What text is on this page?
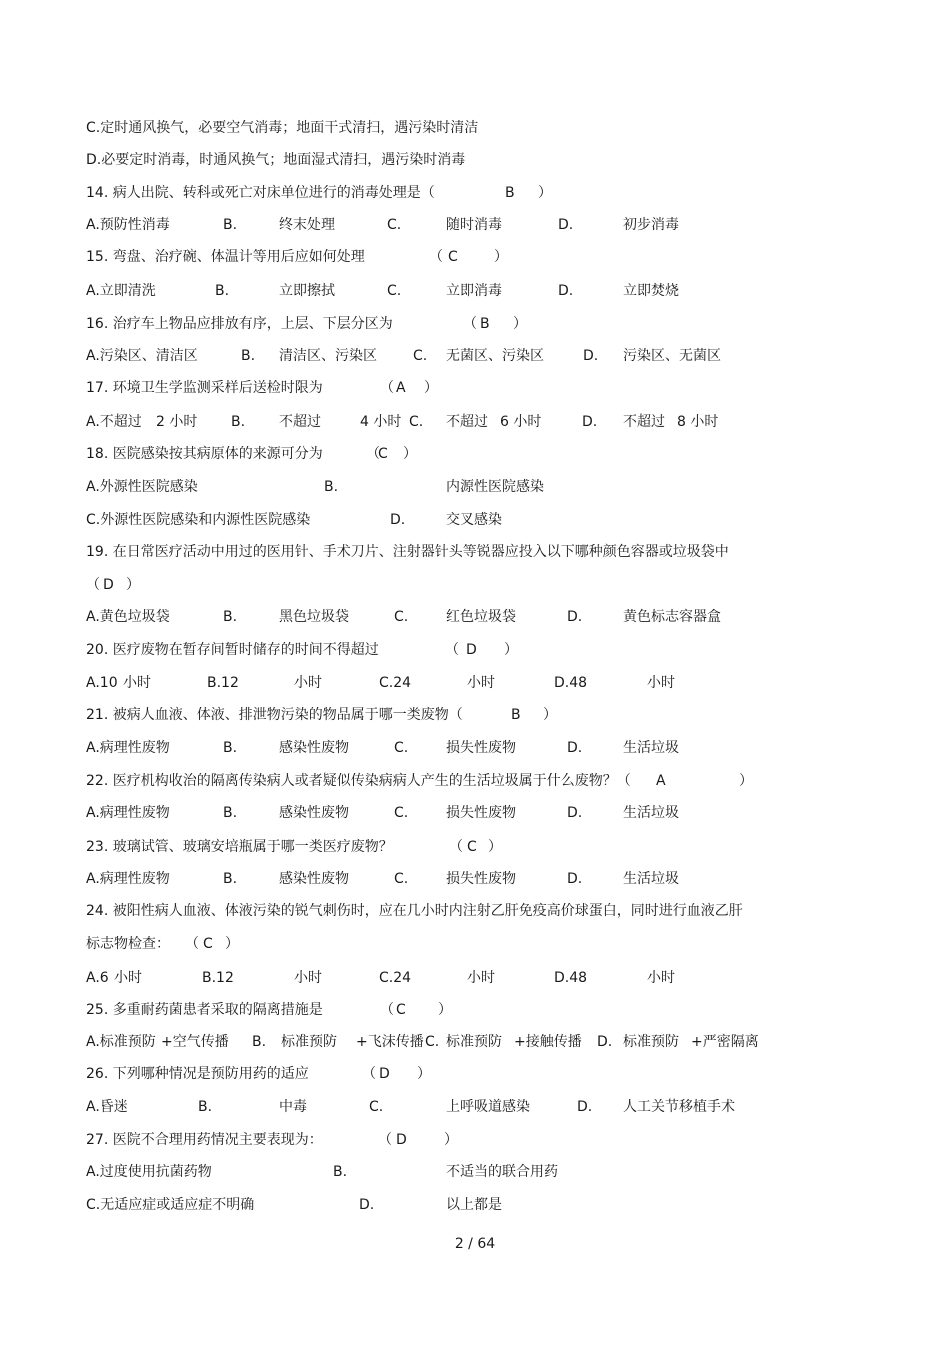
C.定时通风换气，必要空气消毒；地面干式清扫，遇污染时清洁
D.必要定时消毒，时通风换气；地面湿式清扫，遇污染时消毒
14. 病人出院、转科或死亡对床单位进行的消毒处理是（	B ）
A.预防性消毒	B.	终末处理	C.	随时消毒	D.	初步消毒
15. 弯盘、治疗碗、体温计等用后应如何处理	（ C	）
A.立即清洗	B.	立即擦拭	C.	立即消毒	D.	立即焚烧
16. 治疗车上物品应排放有序，上层、下层分区为	（ B ）
A.污染区、清洁区	B. 清洁区、污染区	C. 无菌区、污染区	D. 污染区、无菌区
17. 环境卫生学监测采样后送检时限为	（ A ）
A.不超过 2 小时 B. 不超过	4 小时 C. 不超过 6 小时	D. 不超过 8 小时
18. 医院感染按其病原体的来源可分为	（
C ）
A.外源性医院感染	B.	内源性医院感染
C.外源性医院感染和内源性医院感染	D.	交叉感染
19. 在日常医疗活动中用过的医用针、手术刀片、注射器针头等锐器应投入以下哪种颜色容器或垃圾袋中
（ D ）
A.黄色垃圾袋	B.	黑色垃圾袋	C.	红色垃圾袋	D.	黄色标志容器盒
20. 医疗废物在暂存间暂时储存的时间不得超过	（ D ）
A.10 小时	B.12	小时	C.24	小时	D.48	小时
21. 被病人血液、体液、排泄物污染的物品属于哪一类废物（	B ）
A.病理性废物	B.	感染性废物	C.	损失性废物	D.	生活垃圾
22. 医疗机构收治的隔离传染病人或者疑似传染病病人产生的生活垃圾属于什么废物？（ A	）
A.病理性废物	B.	感染性废物	C.	损失性废物	D.	生活垃圾
23. 玻璃试管、玻璃安培瓶属于哪一类医疗废物？	（ C ）
A.病理性废物	B.	感染性废物	C.	损失性废物	D.	生活垃圾
24. 被阳性病人血液、体液污染的锐气刺伤时，应在几小时内注射乙肝免疫高价球蛋白，同时进行血液乙肝
标志物检查： （ C ）
A.6 小时	B.12	小时	C.24	小时	D.48	小时
25. 多重耐药菌患者采取的隔离措施是	（ C ）
A.标准预防 +空气传播 B. 标准预防 +飞沫传播 C. 标准预防 +接触传播 D. 标准预防 +严密隔离
26. 下列哪种情况是预防用药的适应	（ D ）
A.昏迷	B.	中毒	C.	上呼吸道感染	D. 人工关节移植手术
27. 医院不合理用药情况主要表现为：	（ D	）
A.过度使用抗菌药物	B.	不适当的联合用药
C.无适应症或适应症不明确	D.	以上都是
2 / 64
